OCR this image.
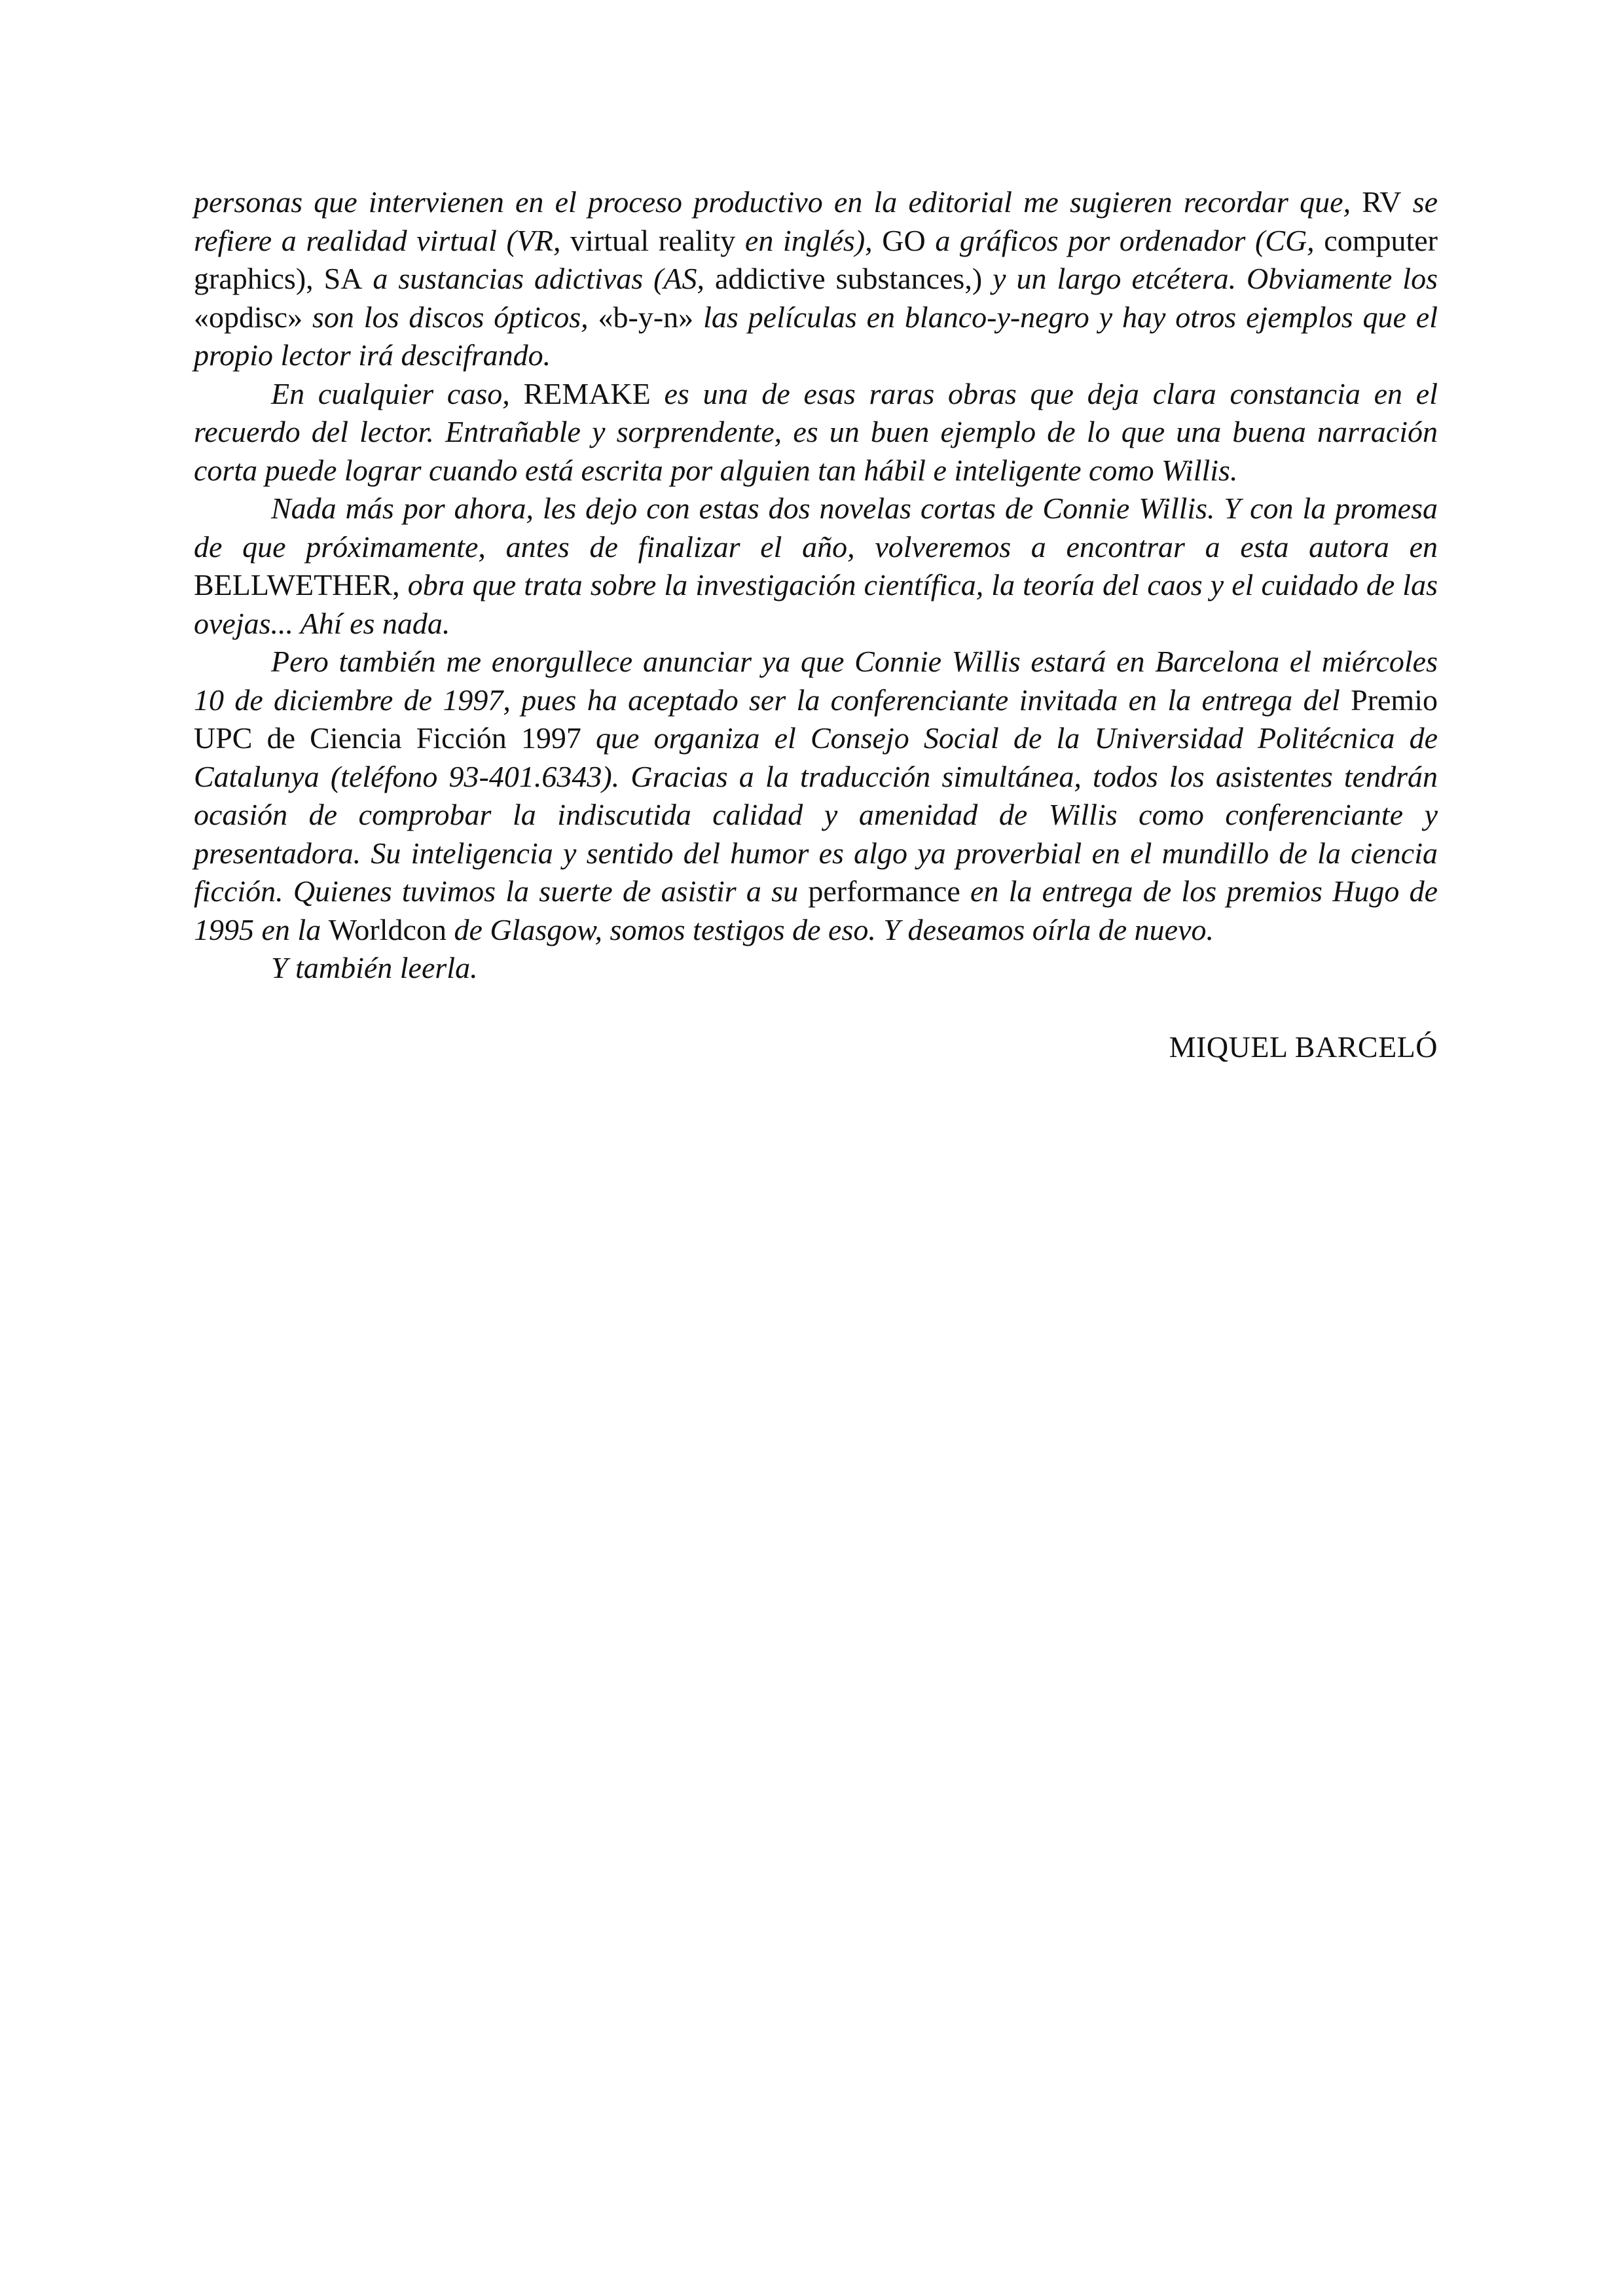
personas que intervienen en el proceso productivo en la editorial me sugieren recordar que, RV se refiere a realidad virtual (VR, virtual reality en inglés), GO a gráficos por ordenador (CG, computer graphics), SA a sustancias adictivas (AS, addictive substances,) y un largo etcétera. Obviamente los «opdisc» son los discos ópticos, «b-y-n» las películas en blanco-y-negro y hay otros ejemplos que el propio lector irá descifrando.

En cualquier caso, REMAKE es una de esas raras obras que deja clara constancia en el recuerdo del lector. Entrañable y sorprendente, es un buen ejemplo de lo que una buena narración corta puede lograr cuando está escrita por alguien tan hábil e inteligente como Willis.

Nada más por ahora, les dejo con estas dos novelas cortas de Connie Willis. Y con la promesa de que próximamente, antes de finalizar el año, volveremos a encontrar a esta autora en BELLWETHER, obra que trata sobre la investigación científica, la teoría del caos y el cuidado de las ovejas... Ahí es nada.

Pero también me enorgullece anunciar ya que Connie Willis estará en Barcelona el miércoles 10 de diciembre de 1997, pues ha aceptado ser la conferenciante invitada en la entrega del Premio UPC de Ciencia Ficción 1997 que organiza el Consejo Social de la Universidad Politécnica de Catalunya (teléfono 93-401.6343). Gracias a la traducción simultánea, todos los asistentes tendrán ocasión de comprobar la indiscutida calidad y amenidad de Willis como conferenciante y presentadora. Su inteligencia y sentido del humor es algo ya proverbial en el mundillo de la ciencia ficción. Quienes tuvimos la suerte de asistir a su performance en la entrega de los premios Hugo de 1995 en la Worldcon de Glasgow, somos testigos de eso. Y deseamos oírla de nuevo.

Y también leerla.

MIQUEL BARCELÓ
